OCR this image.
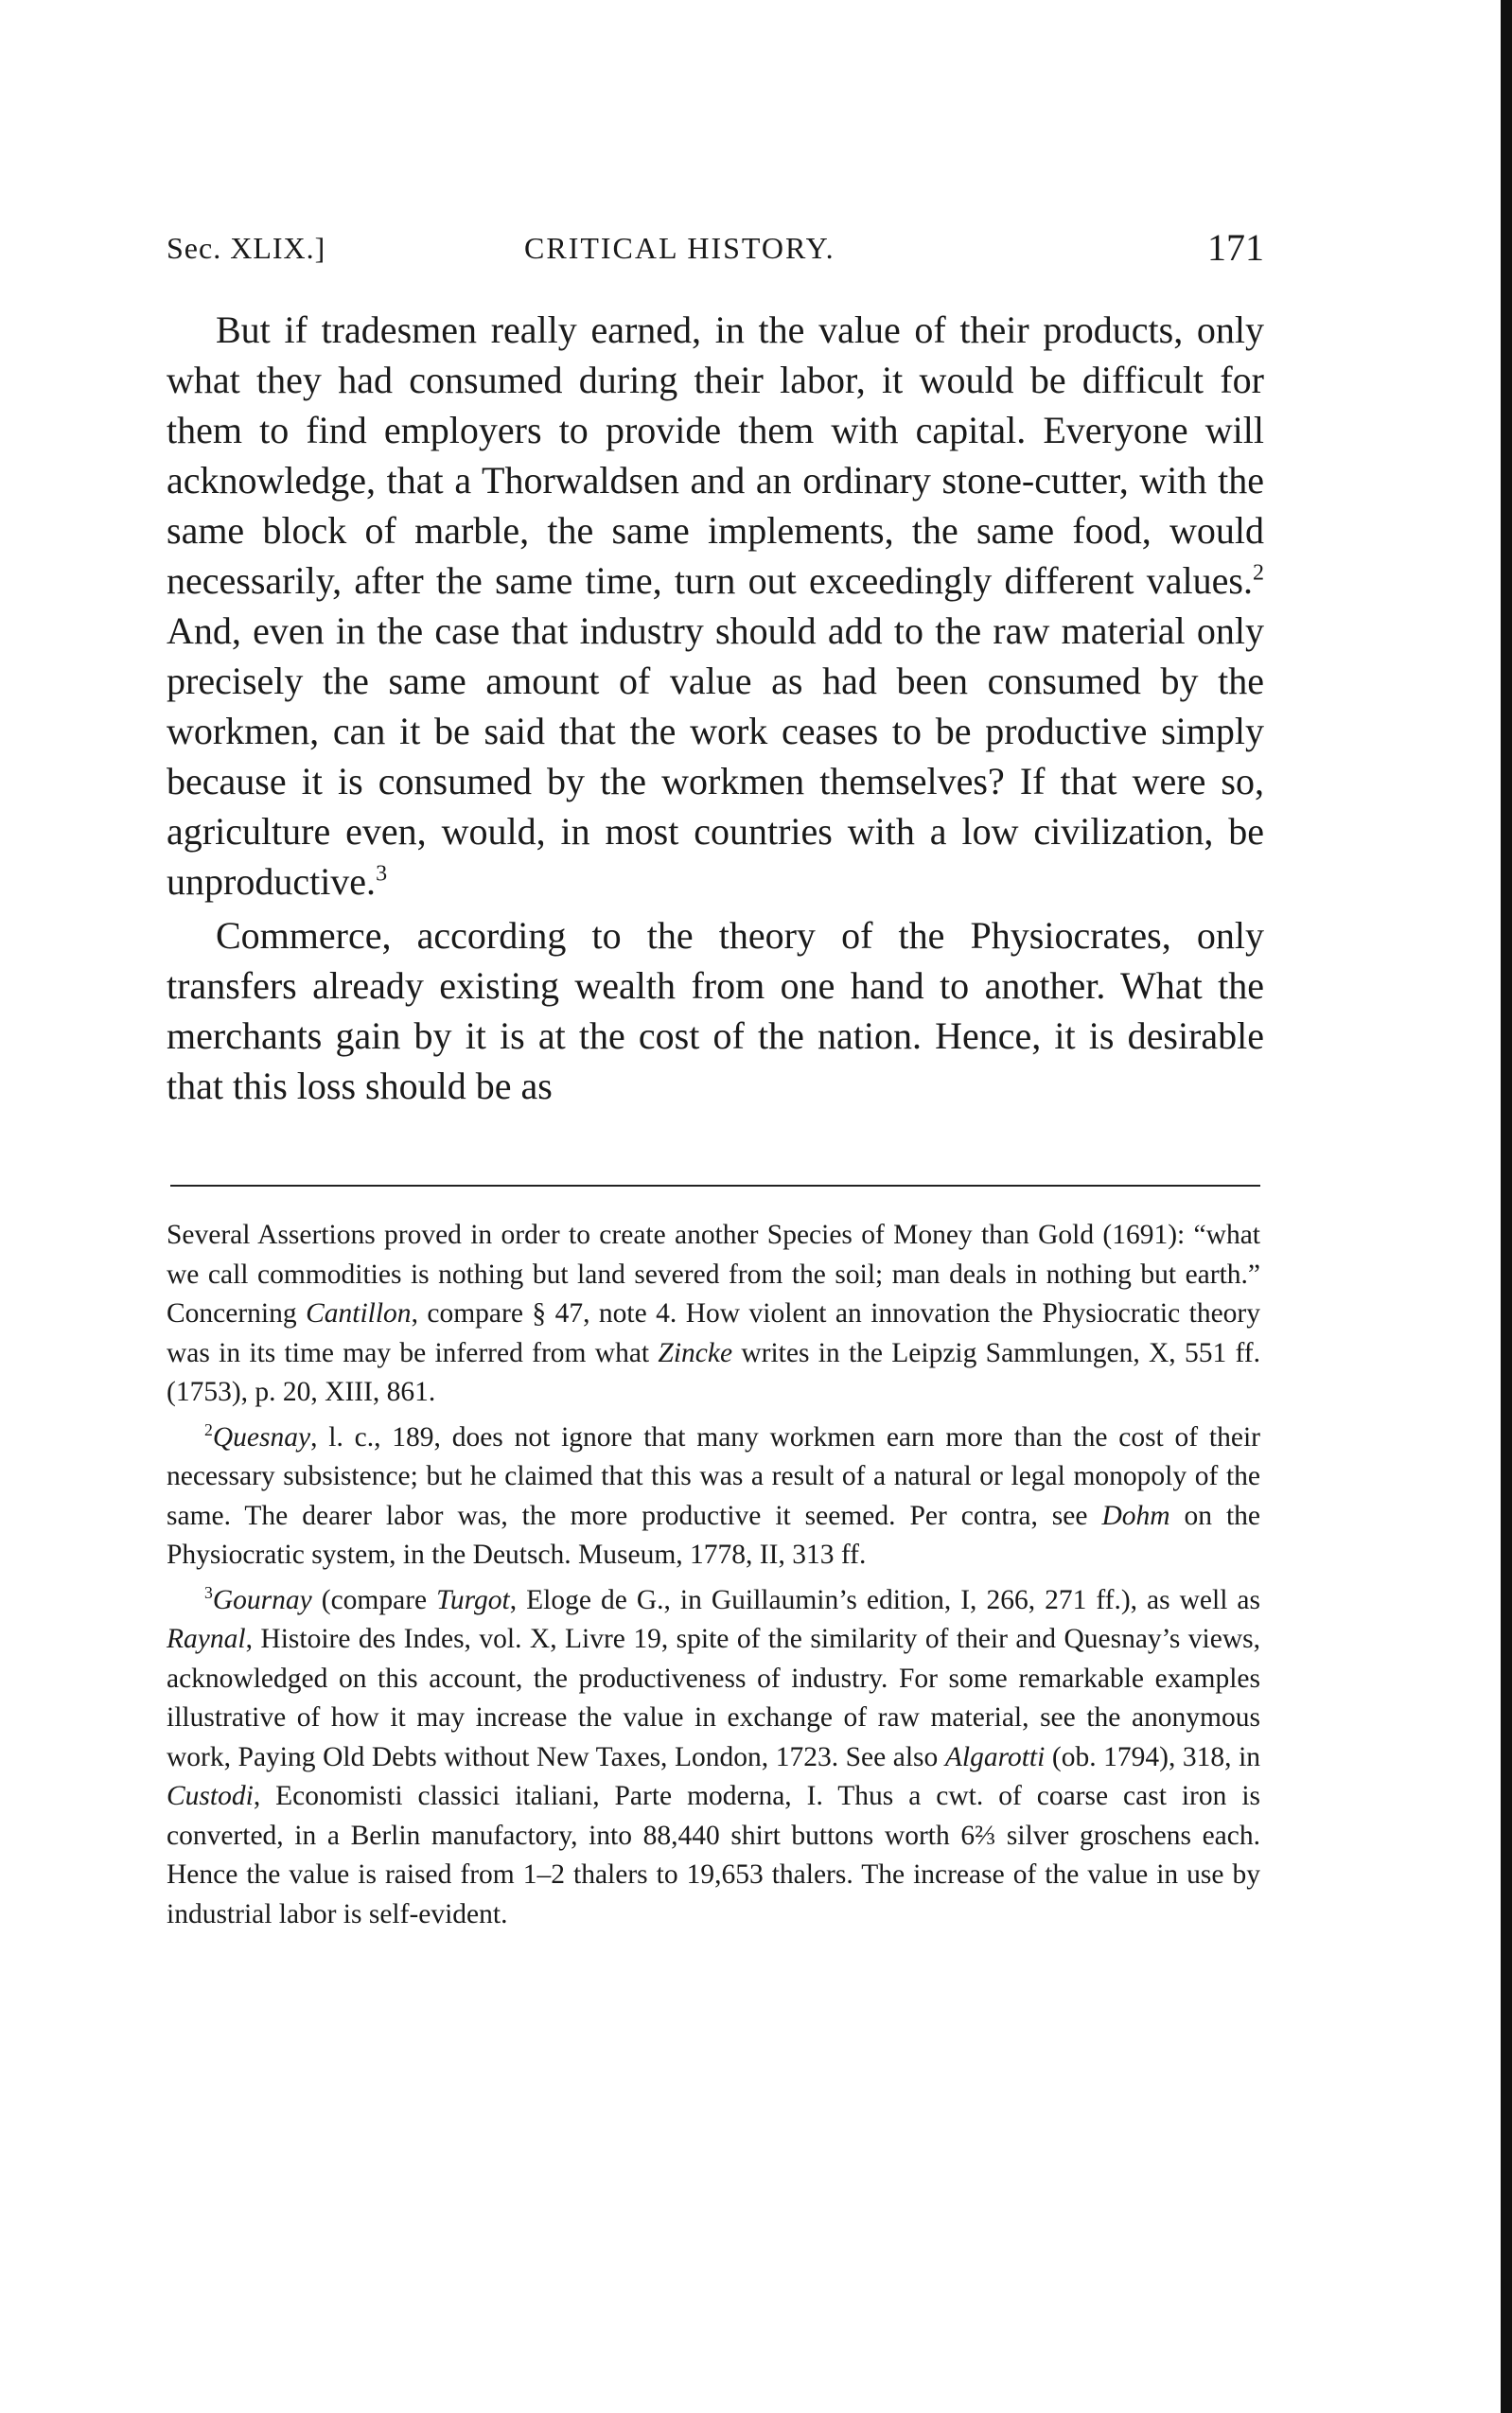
Sec. XLIX.]	CRITICAL HISTORY.	171

But if tradesmen really earned, in the value of their products, only what they had consumed during their labor, it would be difficult for them to find employers to provide them with capital. Everyone will acknowledge, that a Thorwaldsen and an ordinary stone-cutter, with the same block of marble, the same implements, the same food, would necessarily, after the same time, turn out exceedingly different values.$^2$ And, even in the case that industry should add to the raw material only precisely the same amount of value as had been consumed by the workmen, can it be said that the work ceases to be productive simply because it is consumed by the workmen themselves? If that were so, agriculture even, would, in most countries with a low civilization, be unproductive.$^3$

Commerce, according to the theory of the Physiocrates, only transfers already existing wealth from one hand to another. What the merchants gain by it is at the cost of the nation. Hence, it is desirable that this loss should be as

Several Assertions proved in order to create another Species of Money than Gold (1691): “what we call commodities is nothing but land severed from the soil; man deals in nothing but earth.” Concerning Cantillon, compare § 47, note 4. How violent an innovation the Physiocratic theory was in its time may be inferred from what Zincke writes in the Leipzig Sammlungen, X, 551 ff. (1753), p. 20, XIII, 861.

$^2$Quesnay, l. c., 189, does not ignore that many workmen earn more than the cost of their necessary subsistence; but he claimed that this was a result of a natural or legal monopoly of the same. The dearer labor was, the more productive it seemed. Per contra, see Dohm on the Physiocratic system, in the Deutsch. Museum, 1778, II, 313 ff.

$^3$Gournay (compare Turgot, Eloge de G., in Guillaumin’s edition, I, 266, 271 ff.), as well as Raynal, Histoire des Indes, vol. X, Livre 19, spite of the similarity of their and Quesnay’s views, acknowledged on this account, the productiveness of industry. For some remarkable examples illustrative of how it may increase the value in exchange of raw material, see the anonymous work, Paying Old Debts without New Taxes, London, 1723. See also Algarotti (ob. 1794), 318, in Custodi, Economisti classici italiani, Parte moderna, I. Thus a cwt. of coarse cast iron is converted, in a Berlin manufactory, into 88,440 shirt buttons worth 6⅔ silver groschens each. Hence the value is raised from 1–2 thalers to 19,653 thalers. The increase of the value in use by industrial labor is self-evident.
